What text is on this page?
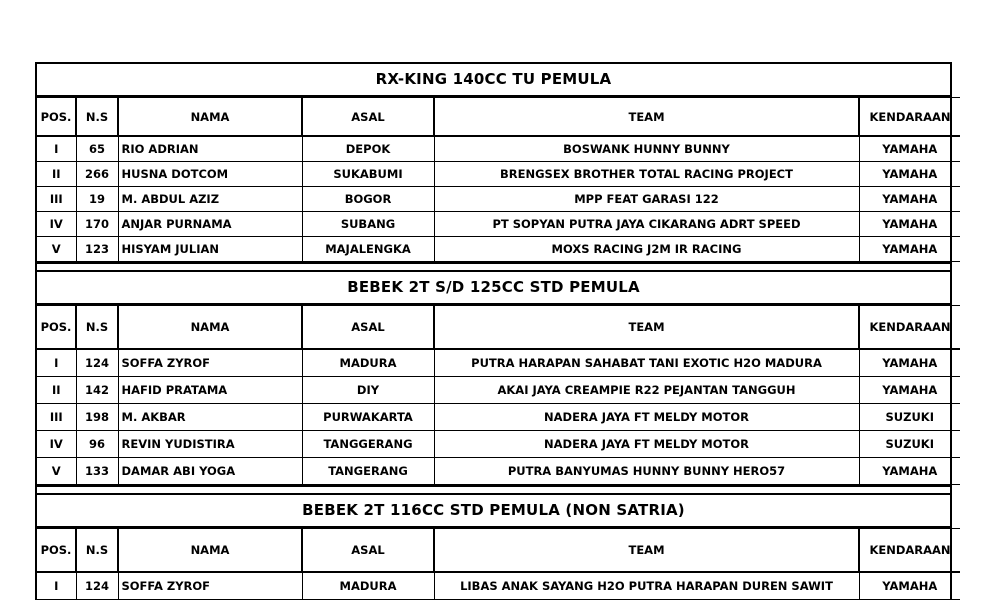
RX-KING 140CC TU PEMULA
POS.	N.S	NAMA	ASAL	TEAM	KENDARAAN
I	65	RIO ADRIAN	DEPOK	BOSWANK HUNNY BUNNY	YAMAHA
II	266	HUSNA DOTCOM	SUKABUMI	BRENGSEX BROTHER TOTAL RACING PROJECT	YAMAHA
III	19	M. ABDUL AZIZ	BOGOR	MPP FEAT GARASI 122	YAMAHA
IV	170	ANJAR PURNAMA	SUBANG	PT SOPYAN PUTRA JAYA CIKARANG ADRT SPEED	YAMAHA
V	123	HISYAM JULIAN	MAJALENGKA	MOXS RACING J2M IR RACING	YAMAHA
BEBEK 2T S/D 125CC STD PEMULA
POS.	N.S	NAMA	ASAL	TEAM	KENDARAAN
I	124	SOFFA ZYROF	MADURA	PUTRA HARAPAN SAHABAT TANI EXOTIC H2O MADURA	YAMAHA
II	142	HAFID PRATAMA	DIY	AKAI JAYA CREAMPIE R22 PEJANTAN TANGGUH	YAMAHA
III	198	M. AKBAR	PURWAKARTA	NADERA JAYA FT MELDY MOTOR	SUZUKI
IV	96	REVIN YUDISTIRA	TANGGERANG	NADERA JAYA FT MELDY MOTOR	SUZUKI
V	133	DAMAR ABI YOGA	TANGERANG	PUTRA BANYUMAS HUNNY BUNNY HERO57	YAMAHA
BEBEK 2T 116CC STD PEMULA (NON SATRIA)
POS.	N.S	NAMA	ASAL	TEAM	KENDARAAN
I	124	SOFFA ZYROF	MADURA	LIBAS ANAK SAYANG H2O PUTRA HARAPAN DUREN SAWIT	YAMAHA
